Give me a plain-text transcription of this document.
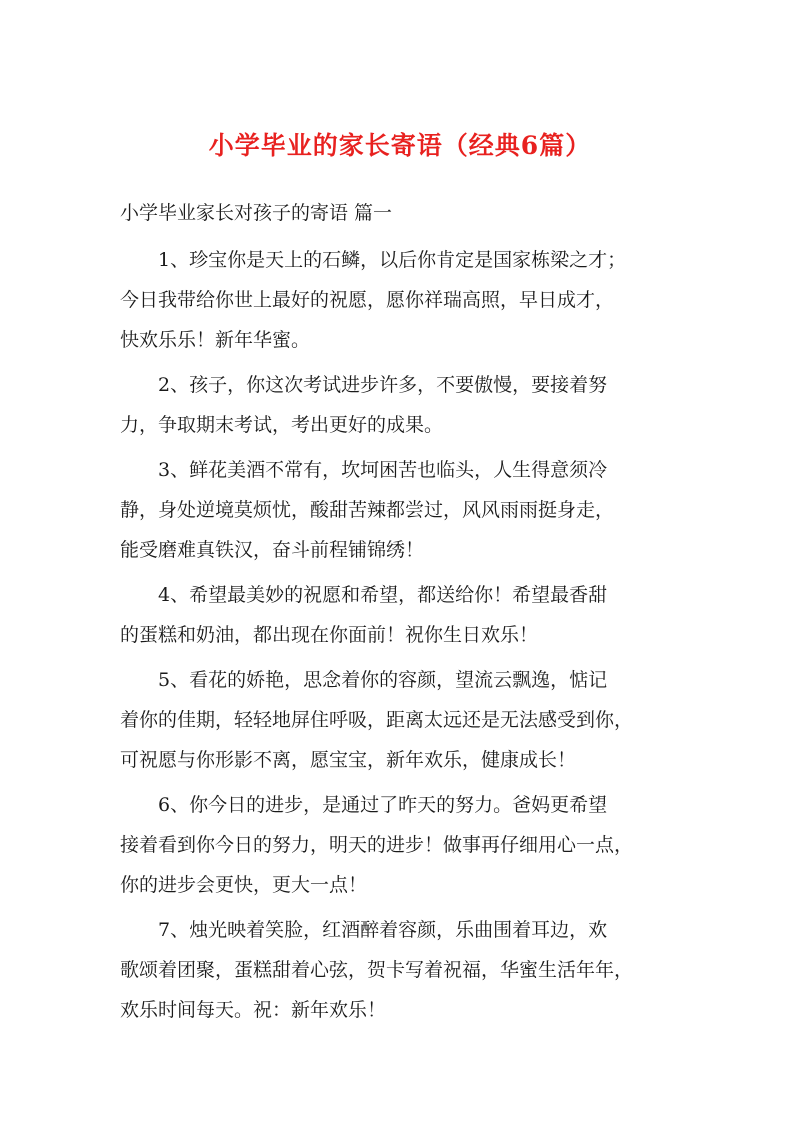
小学毕业的家长寄语（经典6篇）
小学毕业家长对孩子的寄语 篇一
1、珍宝你是天上的石鳞，以后你肯定是国家栋梁之才；
今日我带给你世上最好的祝愿，愿你祥瑞高照，早日成才，
快欢乐乐！新年华蜜。
2、孩子，你这次考试进步许多，不要傲慢，要接着努
力，争取期末考试，考出更好的成果。
3、鲜花美酒不常有，坎坷困苦也临头，人生得意须冷
静，身处逆境莫烦忧，酸甜苦辣都尝过，风风雨雨挺身走，
能受磨难真铁汉，奋斗前程铺锦绣！
4、希望最美妙的祝愿和希望，都送给你！希望最香甜
的蛋糕和奶油，都出现在你面前！祝你生日欢乐！
5、看花的娇艳，思念着你的容颜，望流云飘逸，惦记
着你的佳期，轻轻地屏住呼吸，距离太远还是无法感受到你，
可祝愿与你形影不离，愿宝宝，新年欢乐，健康成长！
6、你今日的进步，是通过了昨天的努力。爸妈更希望
接着看到你今日的努力，明天的进步！做事再仔细用心一点，
你的进步会更快，更大一点！
7、烛光映着笑脸，红酒醉着容颜，乐曲围着耳边，欢
歌颂着团聚，蛋糕甜着心弦，贺卡写着祝福，华蜜生活年年，
欢乐时间每天。祝：新年欢乐！
